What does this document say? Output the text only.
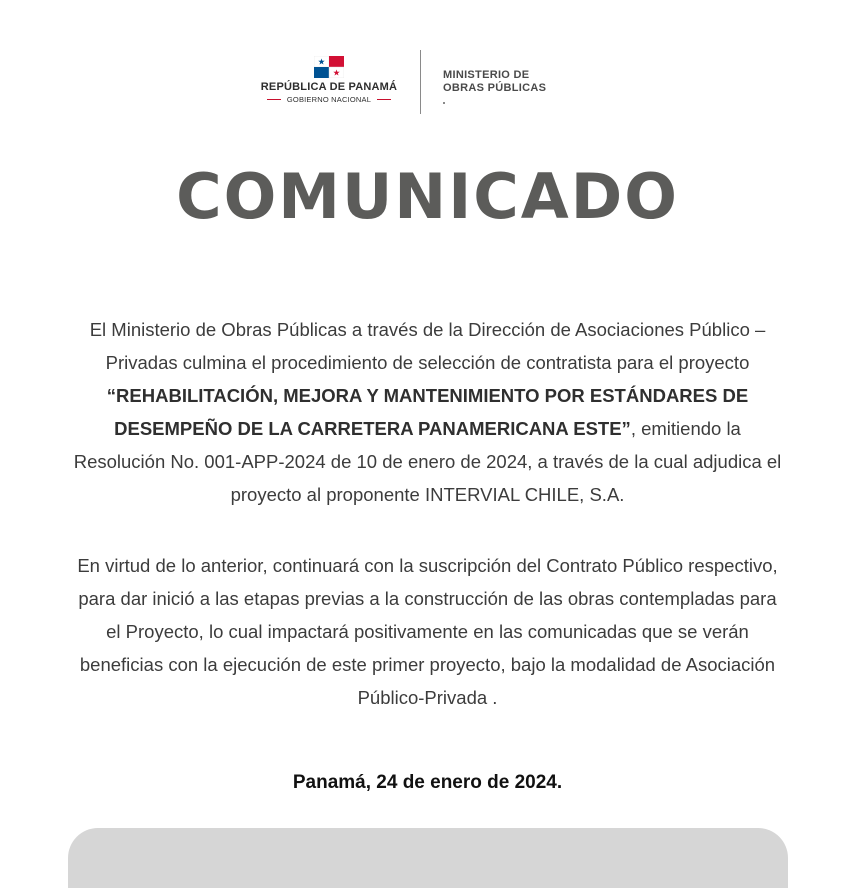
REPÚBLICA DE PANAMÁ
GOBIERNO NACIONAL
MINISTERIO DE
OBRAS PÚBLICAS
COMUNICADO
El Ministerio de Obras Públicas a través de la Dirección de Asociaciones Público – Privadas culmina el procedimiento de selección de contratista para el proyecto “REHABILITACIÓN, MEJORA Y MANTENIMIENTO POR ESTÁNDARES DE DESEMPEÑO DE LA CARRETERA PANAMERICANA ESTE”, emitiendo la Resolución No. 001-APP-2024 de 10 de enero de 2024, a través de la cual adjudica el proyecto al proponente INTERVIAL CHILE, S.A.
En virtud de lo anterior, continuará con la suscripción del Contrato Público respectivo, para dar inició a las etapas previas a la construcción de las obras contempladas para el Proyecto, lo cual impactará positivamente en las comunicadas que se verán beneficias con la ejecución de este primer proyecto, bajo la modalidad de Asociación Público-Privada .
Panamá, 24 de enero de 2024.
